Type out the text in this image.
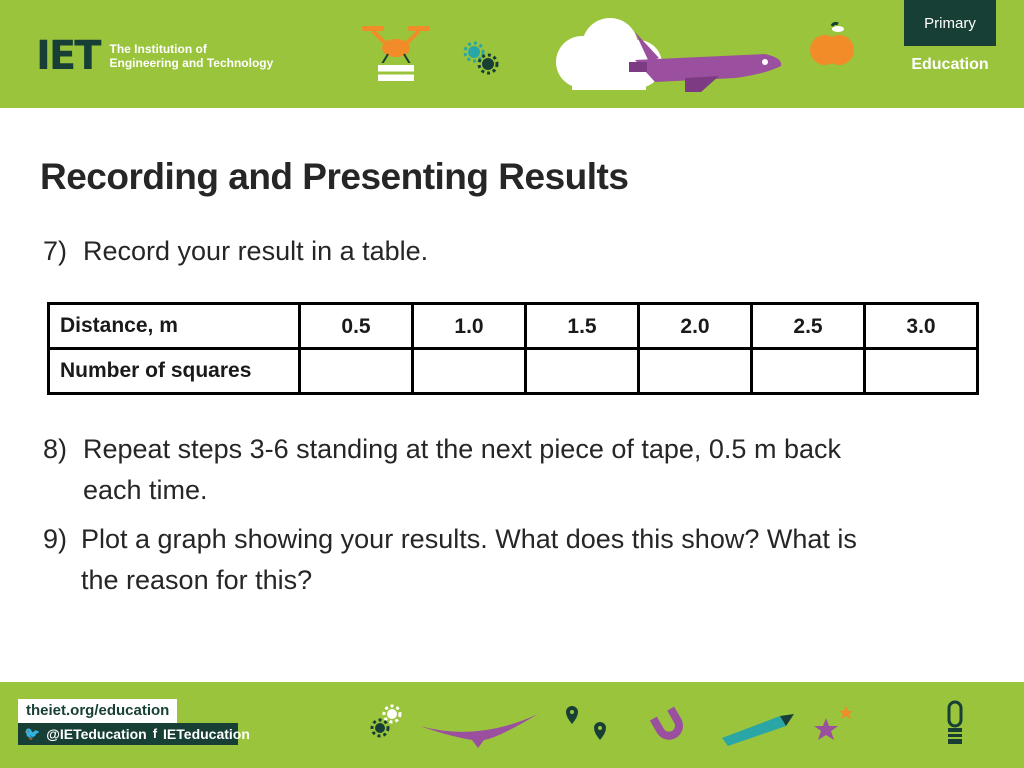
IET The Institution of
Engineering and Technology
Primary
Education
Recording and Presenting Results
7) Record your result in a table.
Distance, m	0.5	1.0	1.5	2.0	2.5	3.0
Number of squares						
8) Repeat steps 3-6 standing at the next piece of tape, 0.5 m back
each time.
9) Plot a graph showing your results. What does this show? What is
the reason for this?
theiet.org/education
🐦 @IETeducation f IETeducation
